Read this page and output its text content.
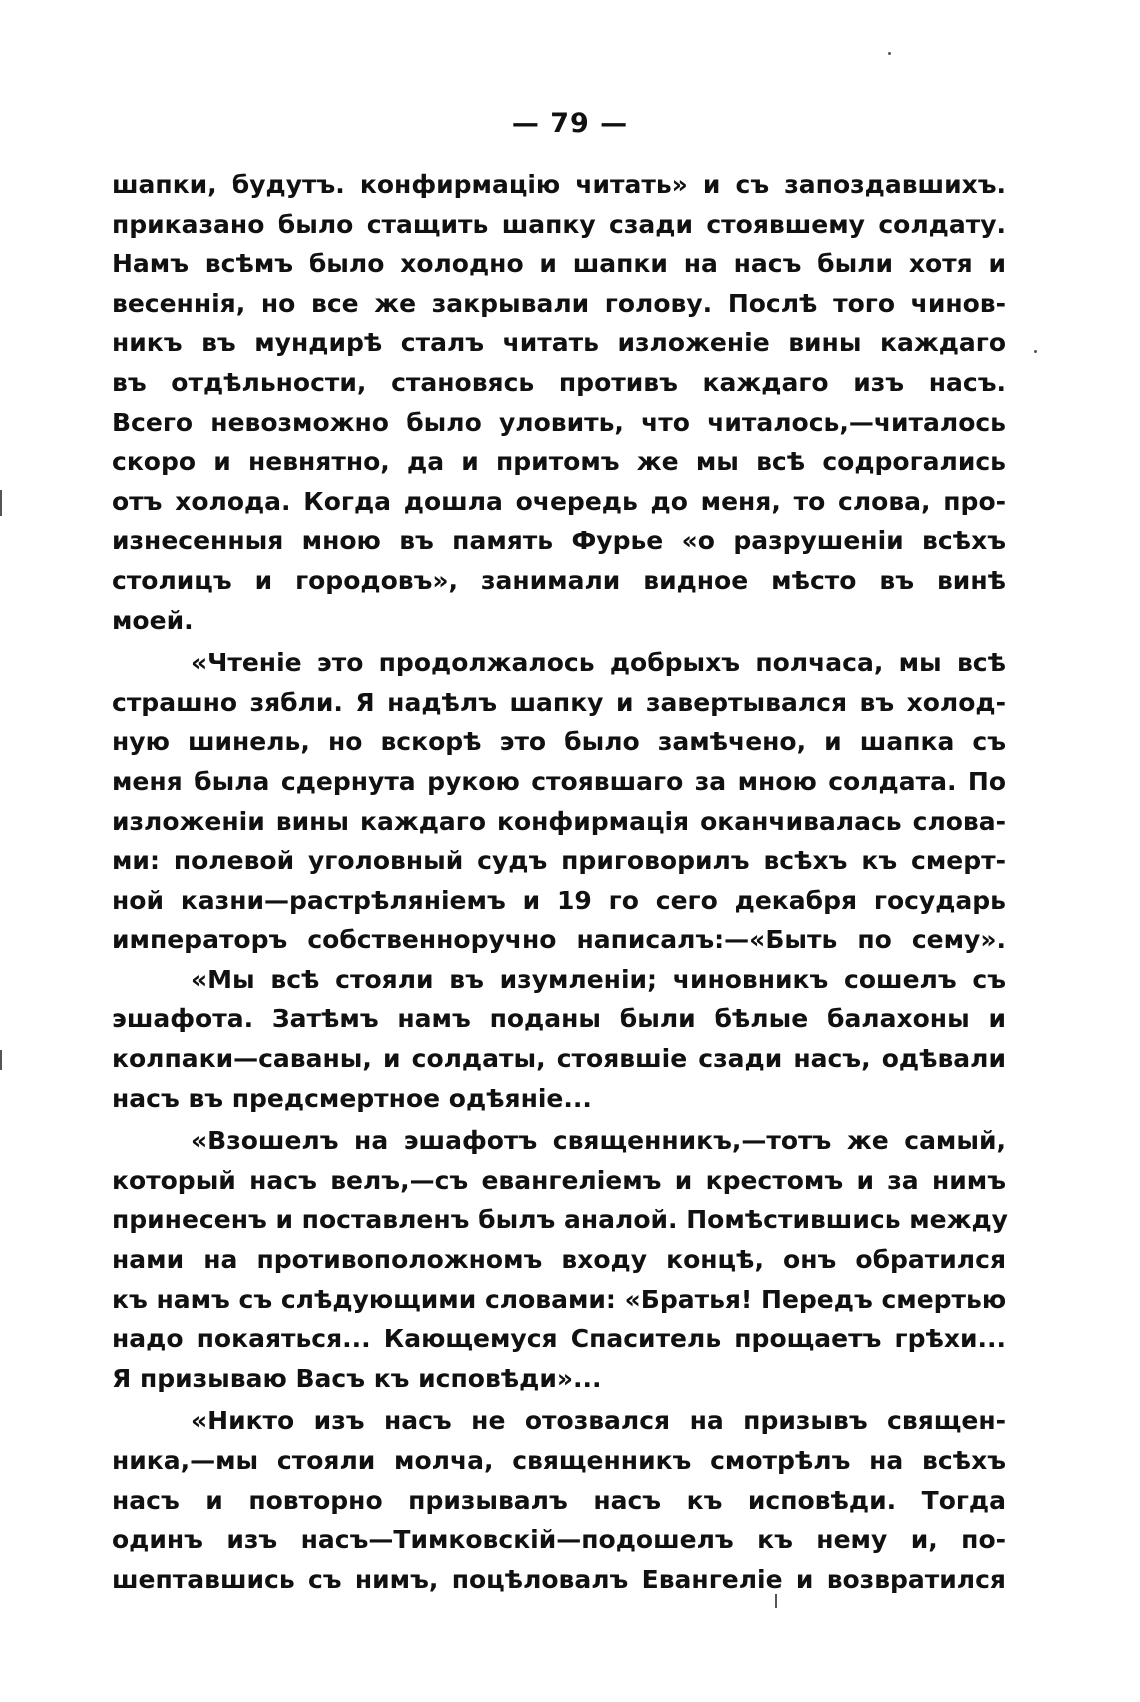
— 79 —
шапки, будутъ. конфирмацію читать» и съ запоздавшихъ.
приказано было стащить шапку сзади стоявшему солдату.
Намъ всѣмъ было холодно и шапки на насъ были хотя и
весеннія, но все же закрывали голову. Послѣ того чинов-
никъ въ мундирѣ сталъ читать изложеніе вины каждаго
въ отдѣльности, становясь противъ каждаго изъ насъ.
Всего невозможно было уловить, что читалось,—читалось
скоро и невнятно, да и притомъ же мы всѣ содрогались
отъ холода. Когда дошла очередь до меня, то слова, про-
изнесенныя мною въ память Фурье «о разрушеніи всѣхъ
столицъ и городовъ», занимали видное мѣсто въ винѣ
моей.
«Чтеніе это продолжалось добрыхъ полчаса, мы всѣ
страшно зябли. Я надѣлъ шапку и завертывался въ холод-
ную шинель, но вскорѣ это было замѣчено, и шапка съ
меня была сдернута рукою стоявшаго за мною солдата. По
изложеніи вины каждаго конфирмація оканчивалась слова-
ми: полевой уголовный судъ приговорилъ всѣхъ къ смерт-
ной казни—растрѣляніемъ и 19 го сего декабря государь
императоръ собственноручно написалъ:—«Быть по сему».
«Мы всѣ стояли въ изумленіи; чиновникъ сошелъ съ
эшафота. Затѣмъ намъ поданы были бѣлые балахоны и
колпаки—саваны, и солдаты, стоявшіе сзади насъ, одѣвали
насъ въ предсмертное одѣяніе...
«Взошелъ на эшафотъ священникъ,—тотъ же самый,
который насъ велъ,—съ евангеліемъ и крестомъ и за нимъ
принесенъ и поставленъ былъ аналой. Помѣстившись между
нами на противоположномъ входу концѣ, онъ обратился
къ намъ съ слѣдующими словами: «Братья! Передъ смертью
надо покаяться... Кающемуся Спаситель прощаетъ грѣхи...
Я призываю Васъ къ исповѣди»...
«Никто изъ насъ не отозвался на призывъ священ-
ника,—мы стояли молча, священникъ смотрѣлъ на всѣхъ
насъ и повторно призывалъ насъ къ исповѣди. Тогда
одинъ изъ насъ—Тимковскій—подошелъ къ нему и, по-
шептавшись съ нимъ, поцѣловалъ Евангеліе и возвратился
